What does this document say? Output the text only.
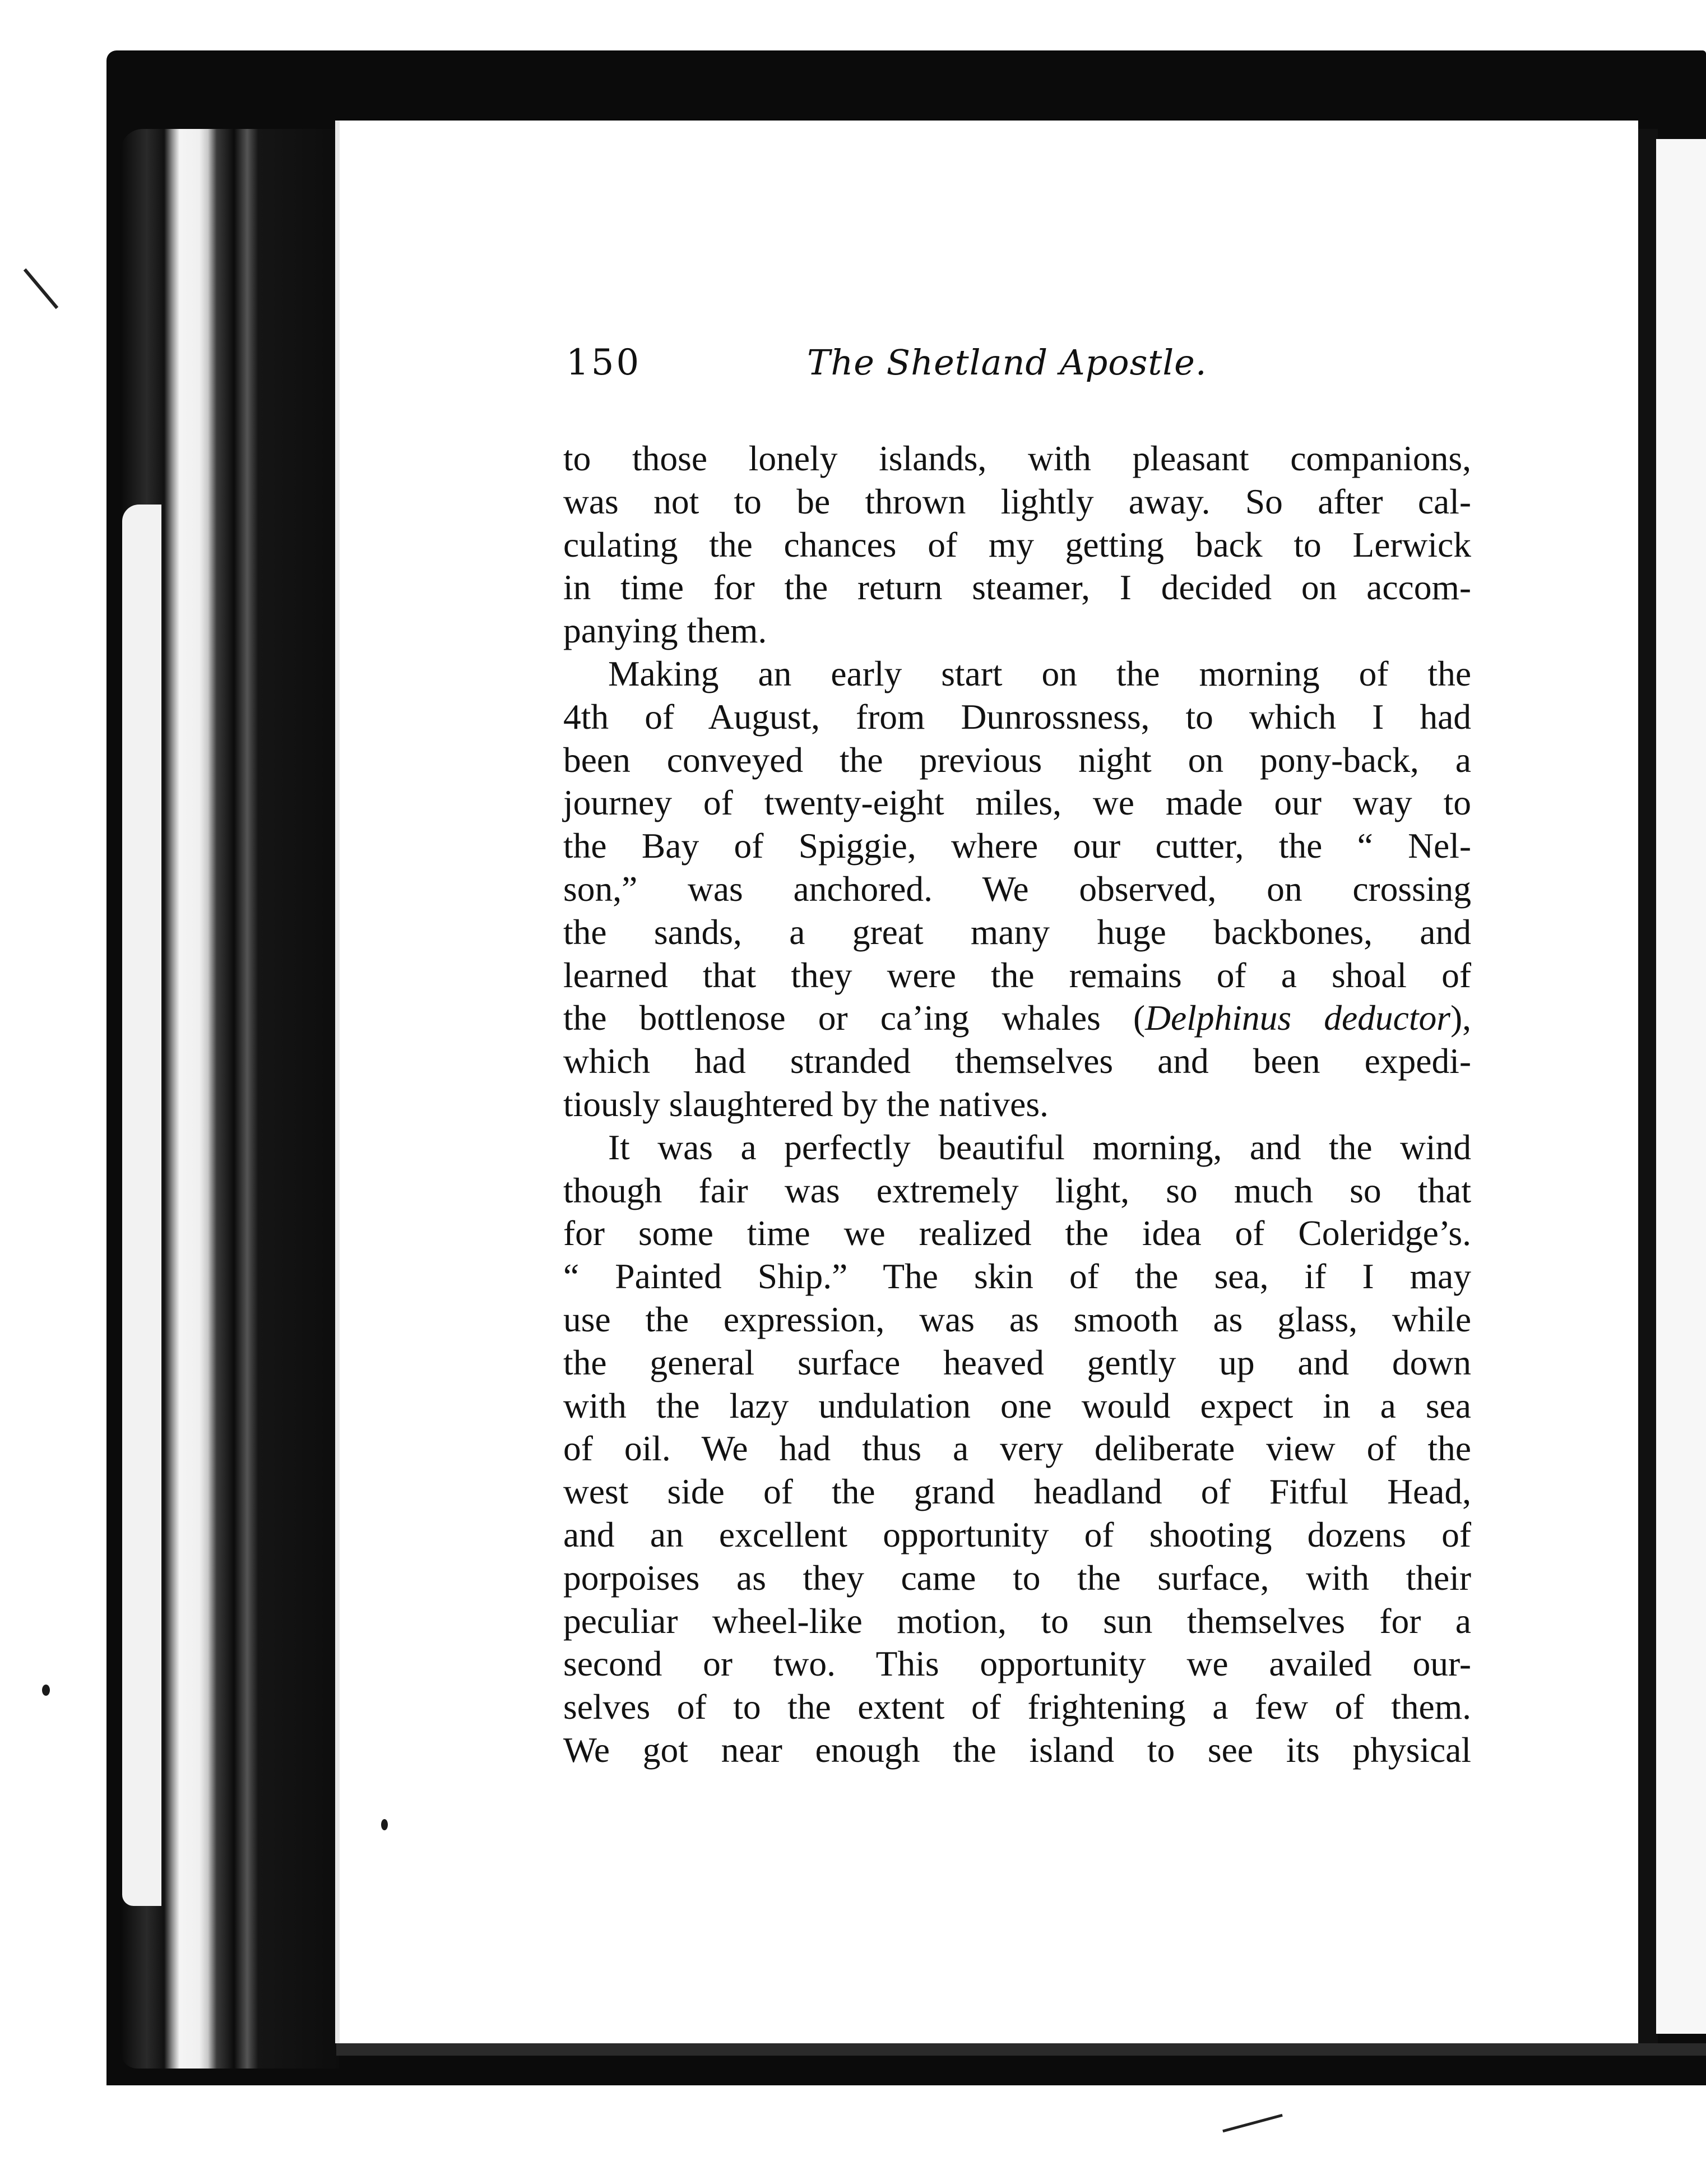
150	The Shetland Apostle.
to those lonely islands, with pleasant companions,
was not to be thrown lightly away. So after cal-
culating the chances of my getting back to Lerwick
in time for the return steamer, I decided on accom-
panying them.
Making an early start on the morning of the
4th of August, from Dunrossness, to which I had
been conveyed the previous night on pony-back, a
journey of twenty-eight miles, we made our way to
the Bay of Spiggie, where our cutter, the “ Nel-
son,” was anchored. We observed, on crossing
the sands, a great many huge backbones, and
learned that they were the remains of a shoal of
the bottlenose or ca’ing whales (Delphinus deductor),
which had stranded themselves and been expedi-
tiously slaughtered by the natives.
It was a perfectly beautiful morning, and the wind
though fair was extremely light, so much so that
for some time we realized the idea of Coleridge’s.
“ Painted Ship.” The skin of the sea, if I may
use the expression, was as smooth as glass, while
the general surface heaved gently up and down
with the lazy undulation one would expect in a sea
of oil. We had thus a very deliberate view of the
west side of the grand headland of Fitful Head,
and an excellent opportunity of shooting dozens of
porpoises as they came to the surface, with their
peculiar wheel-like motion, to sun themselves for a
second or two. This opportunity we availed our-
selves of to the extent of frightening a few of them.
We got near enough the island to see its physical
